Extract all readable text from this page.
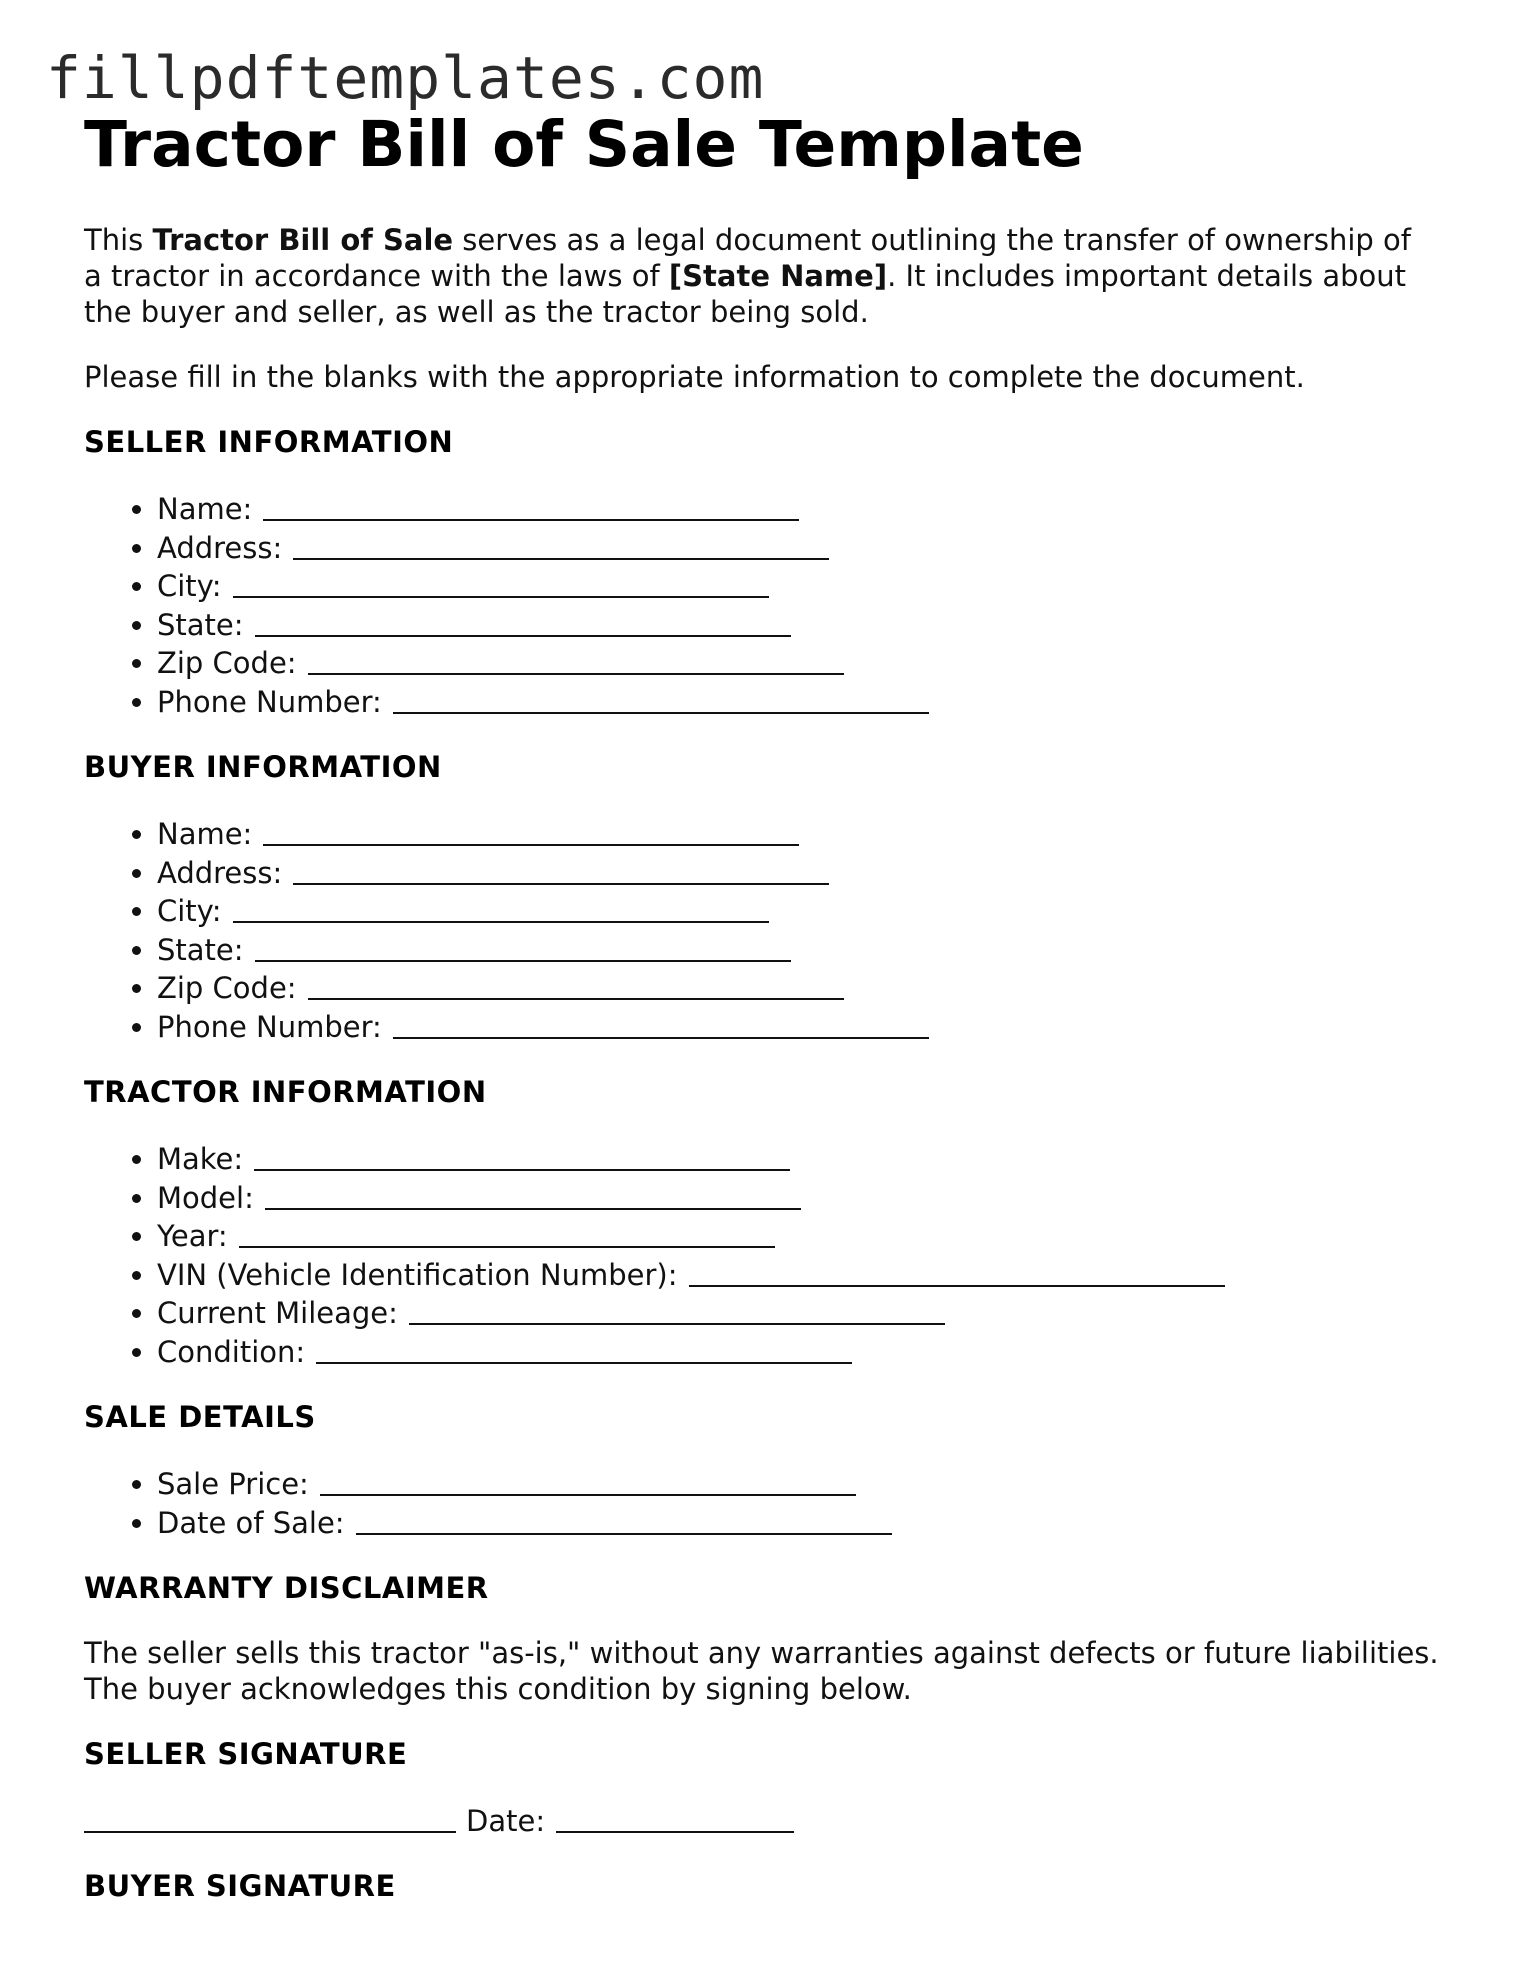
fillpdftemplates.com
Tractor Bill of Sale Template

This Tractor Bill of Sale serves as a legal document outlining the transfer of ownership of a tractor in accordance with the laws of [State Name]. It includes important details about the buyer and seller, as well as the tractor being sold.

Please fill in the blanks with the appropriate information to complete the document.

SELLER INFORMATION
• Name:
• Address:
• City:
• State:
• Zip Code:
• Phone Number:
BUYER INFORMATION
• Name:
• Address:
• City:
• State:
• Zip Code:
• Phone Number:
TRACTOR INFORMATION
• Make:
• Model:
• Year:
• VIN (Vehicle Identification Number):
• Current Mileage:
• Condition:
SALE DETAILS
• Sale Price:
• Date of Sale:
WARRANTY DISCLAIMER

The seller sells this tractor "as-is," without any warranties against defects or future liabilities. The buyer acknowledges this condition by signing below.

SELLER SIGNATURE
Date:
BUYER SIGNATURE
